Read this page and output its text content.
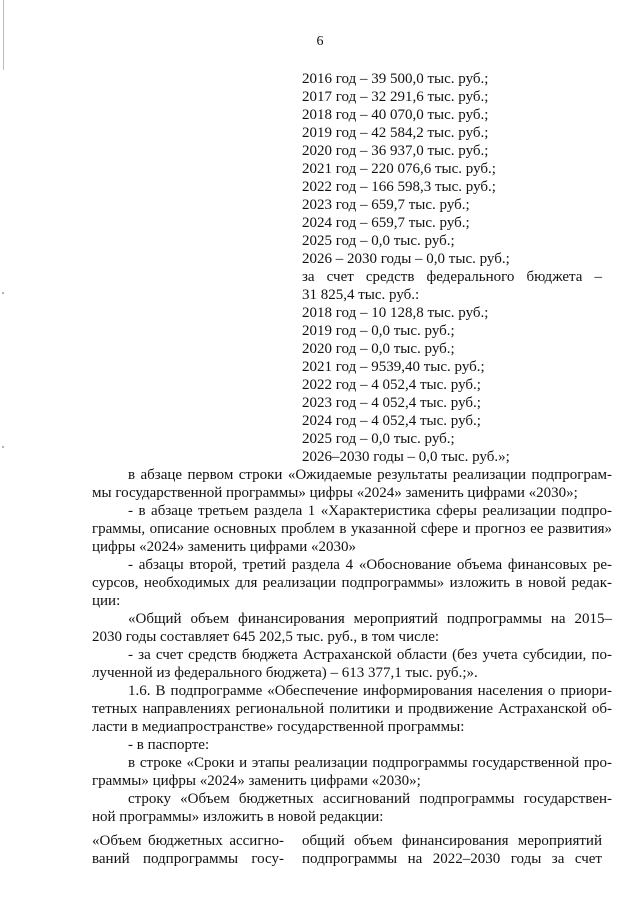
6
2016 год – 39 500,0 тыс. руб.;
2017 год – 32 291,6 тыс. руб.;
2018 год – 40 070,0 тыс. руб.;
2019 год – 42 584,2 тыс. руб.;
2020 год – 36 937,0 тыс. руб.;
2021 год – 220 076,6 тыс. руб.;
2022 год – 166 598,3 тыс. руб.;
2023 год – 659,7 тыс. руб.;
2024 год – 659,7 тыс. руб.;
2025 год – 0,0 тыс. руб.;
2026 – 2030 годы – 0,0 тыс. руб.;
за счет средств федерального бюджета –
31 825,4 тыс. руб.:
2018 год – 10 128,8 тыс. руб.;
2019 год – 0,0 тыс. руб.;
2020 год – 0,0 тыс. руб.;
2021 год – 9539,40 тыс. руб.;
2022 год – 4 052,4 тыс. руб.;
2023 год – 4 052,4 тыс. руб.;
2024 год – 4 052,4 тыс. руб.;
2025 год – 0,0 тыс. руб.;
2026–2030 годы – 0,0 тыс. руб.»;
в абзаце первом строки «Ожидаемые результаты реализации подпрограм-
мы государственной программы» цифры «2024» заменить цифрами «2030»;
- в абзаце третьем раздела 1 «Характеристика сферы реализации подпро-
граммы, описание основных проблем в указанной сфере и прогноз ее развития»
цифры «2024» заменить цифрами «2030»
- абзацы второй, третий раздела 4 «Обоснование объема финансовых ре-
сурсов, необходимых для реализации подпрограммы» изложить в новой редак-
ции:
«Общий объем финансирования мероприятий подпрограммы на 2015–
2030 годы составляет 645 202,5 тыс. руб., в том числе:
- за счет средств бюджета Астраханской области (без учета субсидии, по-
лученной из федерального бюджета) – 613 377,1 тыс. руб.;».
1.6. В подпрограмме «Обеспечение информирования населения о приори-
тетных направлениях региональной политики и продвижение Астраханской об-
ласти в медиапространстве» государственной программы:
- в паспорте:
в строке «Сроки и этапы реализации подпрограммы государственной про-
граммы» цифры «2024» заменить цифрами «2030»;
строку «Объем бюджетных ассигнований подпрограммы государствен-
ной программы» изложить в новой редакции:
«Объем бюджетных ассигно-
ваний подпрограммы госу-
общий объем финансирования мероприятий
подпрограммы на 2022–2030 годы за счет
